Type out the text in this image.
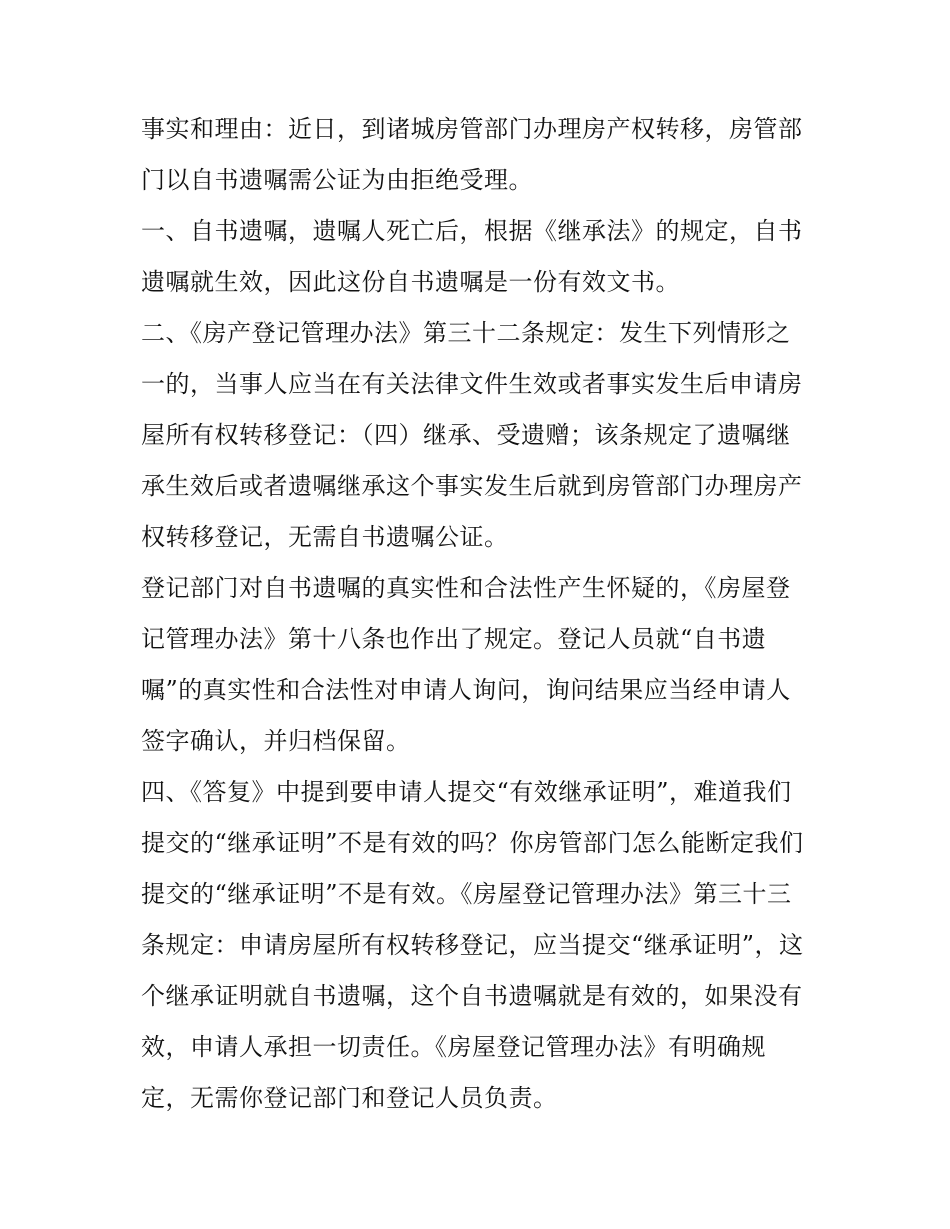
事实和理由：近日，到诸城房管部门办理房产权转移，房管部
门以自书遗嘱需公证为由拒绝受理。
一、自书遗嘱，遗嘱人死亡后，根据《继承法》的规定，自书
遗嘱就生效，因此这份自书遗嘱是一份有效文书。
二、《房产登记管理办法》第三十二条规定：发生下列情形之
一的，当事人应当在有关法律文件生效或者事实发生后申请房
屋所有权转移登记：（四）继承、受遗赠；该条规定了遗嘱继
承生效后或者遗嘱继承这个事实发生后就到房管部门办理房产
权转移登记，无需自书遗嘱公证。
登记部门对自书遗嘱的真实性和合法性产生怀疑的，《房屋登
记管理办法》第十八条也作出了规定。登记人员就“自书遗
嘱”的真实性和合法性对申请人询问，询问结果应当经申请人
签字确认，并归档保留。
四、《答复》中提到要申请人提交“有效继承证明”，难道我们
提交的“继承证明”不是有效的吗？你房管部门怎么能断定我们
提交的“继承证明”不是有效。《房屋登记管理办法》第三十三
条规定：申请房屋所有权转移登记，应当提交“继承证明”，这
个继承证明就自书遗嘱，这个自书遗嘱就是有效的，如果没有
效，申请人承担一切责任。《房屋登记管理办法》有明确规
定，无需你登记部门和登记人员负责。
